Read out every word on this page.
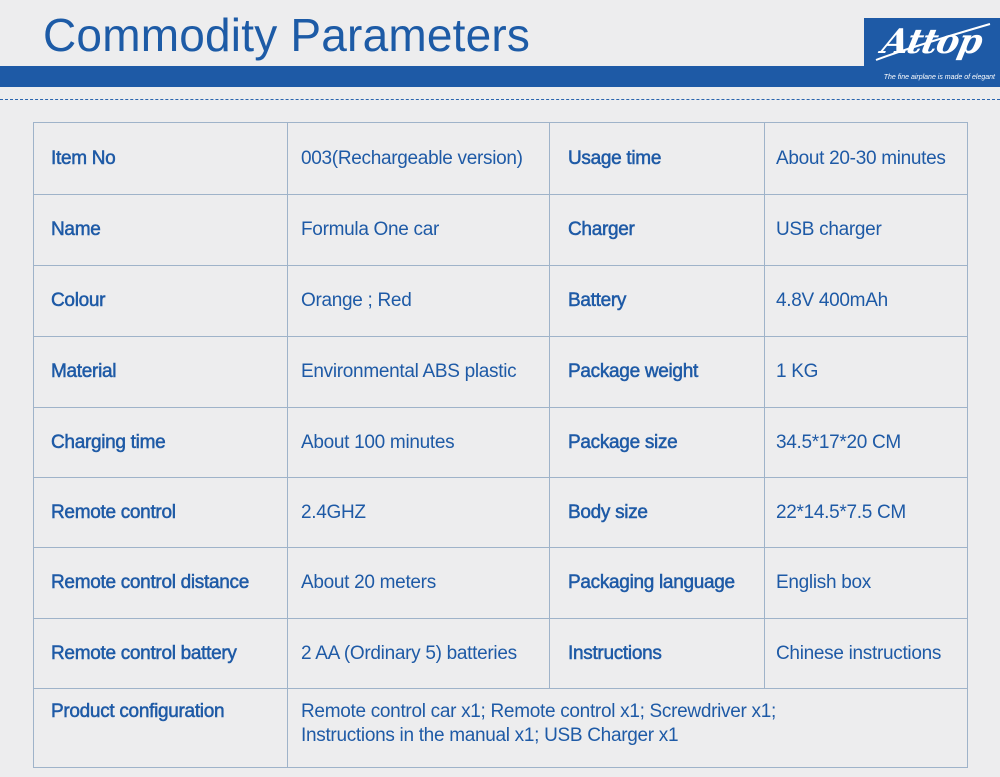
Commodity Parameters	Attop
The fine airplane is made of elegant
Item No	003(Rechargeable version)	Usage time	About 20-30 minutes
Name	Formula One car	Charger	USB charger
Colour	Orange ; Red	Battery	4.8V 400mAh
Material	Environmental ABS plastic	Package weight	1 KG
Charging time	About 100 minutes	Package size	34.5*17*20 CM
Remote control	2.4GHZ	Body size	22*14.5*7.5 CM
Remote control distance	About 20 meters	Packaging language	English box
Remote control battery	2 AA (Ordinary 5) batteries	Instructions	Chinese instructions
Product configuration	Remote control car x1; Remote control x1; Screwdriver x1;
Instructions in the manual x1; USB Charger x1		
